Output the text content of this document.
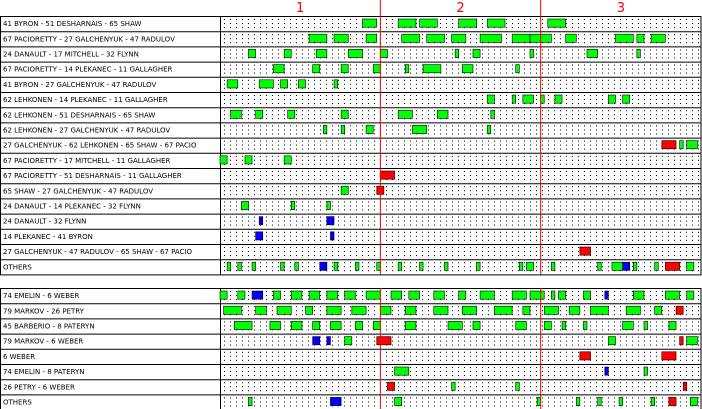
41 BYRON - 51 DESHARNAIS - 65 SHAW
67 PACIORETTY - 27 GALCHENYUK - 47 RADULOV
24 DANAULT - 17 MITCHELL - 32 FLYNN
67 PACIORETTY - 14 PLEKANEC - 11 GALLAGHER
41 BYRON - 27 GALCHENYUK - 47 RADULOV
62 LEHKONEN - 14 PLEKANEC - 11 GALLAGHER
62 LEHKONEN - 51 DESHARNAIS - 65 SHAW
62 LEHKONEN - 27 GALCHENYUK - 47 RADULOV
27 GALCHENYUK - 62 LEHKONEN - 65 SHAW - 67 PACIO
67 PACIORETTY - 17 MITCHELL - 11 GALLAGHER
67 PACIORETTY - 51 DESHARNAIS - 11 GALLAGHER
65 SHAW - 27 GALCHENYUK - 47 RADULOV
24 DANAULT - 14 PLEKANEC - 32 FLYNN
24 DANAULT - 32 FLYNN
14 PLEKANEC - 41 BYRON
27 GALCHENYUK - 47 RADULOV - 65 SHAW - 67 PACIO
OTHERS
74 EMELIN - 6 WEBER
79 MARKOV - 26 PETRY
45 BARBERIO - 8 PATERYN
79 MARKOV - 6 WEBER
6 WEBER
74 EMELIN - 8 PATERYN
26 PETRY - 6 WEBER
OTHERS
1	2	3
